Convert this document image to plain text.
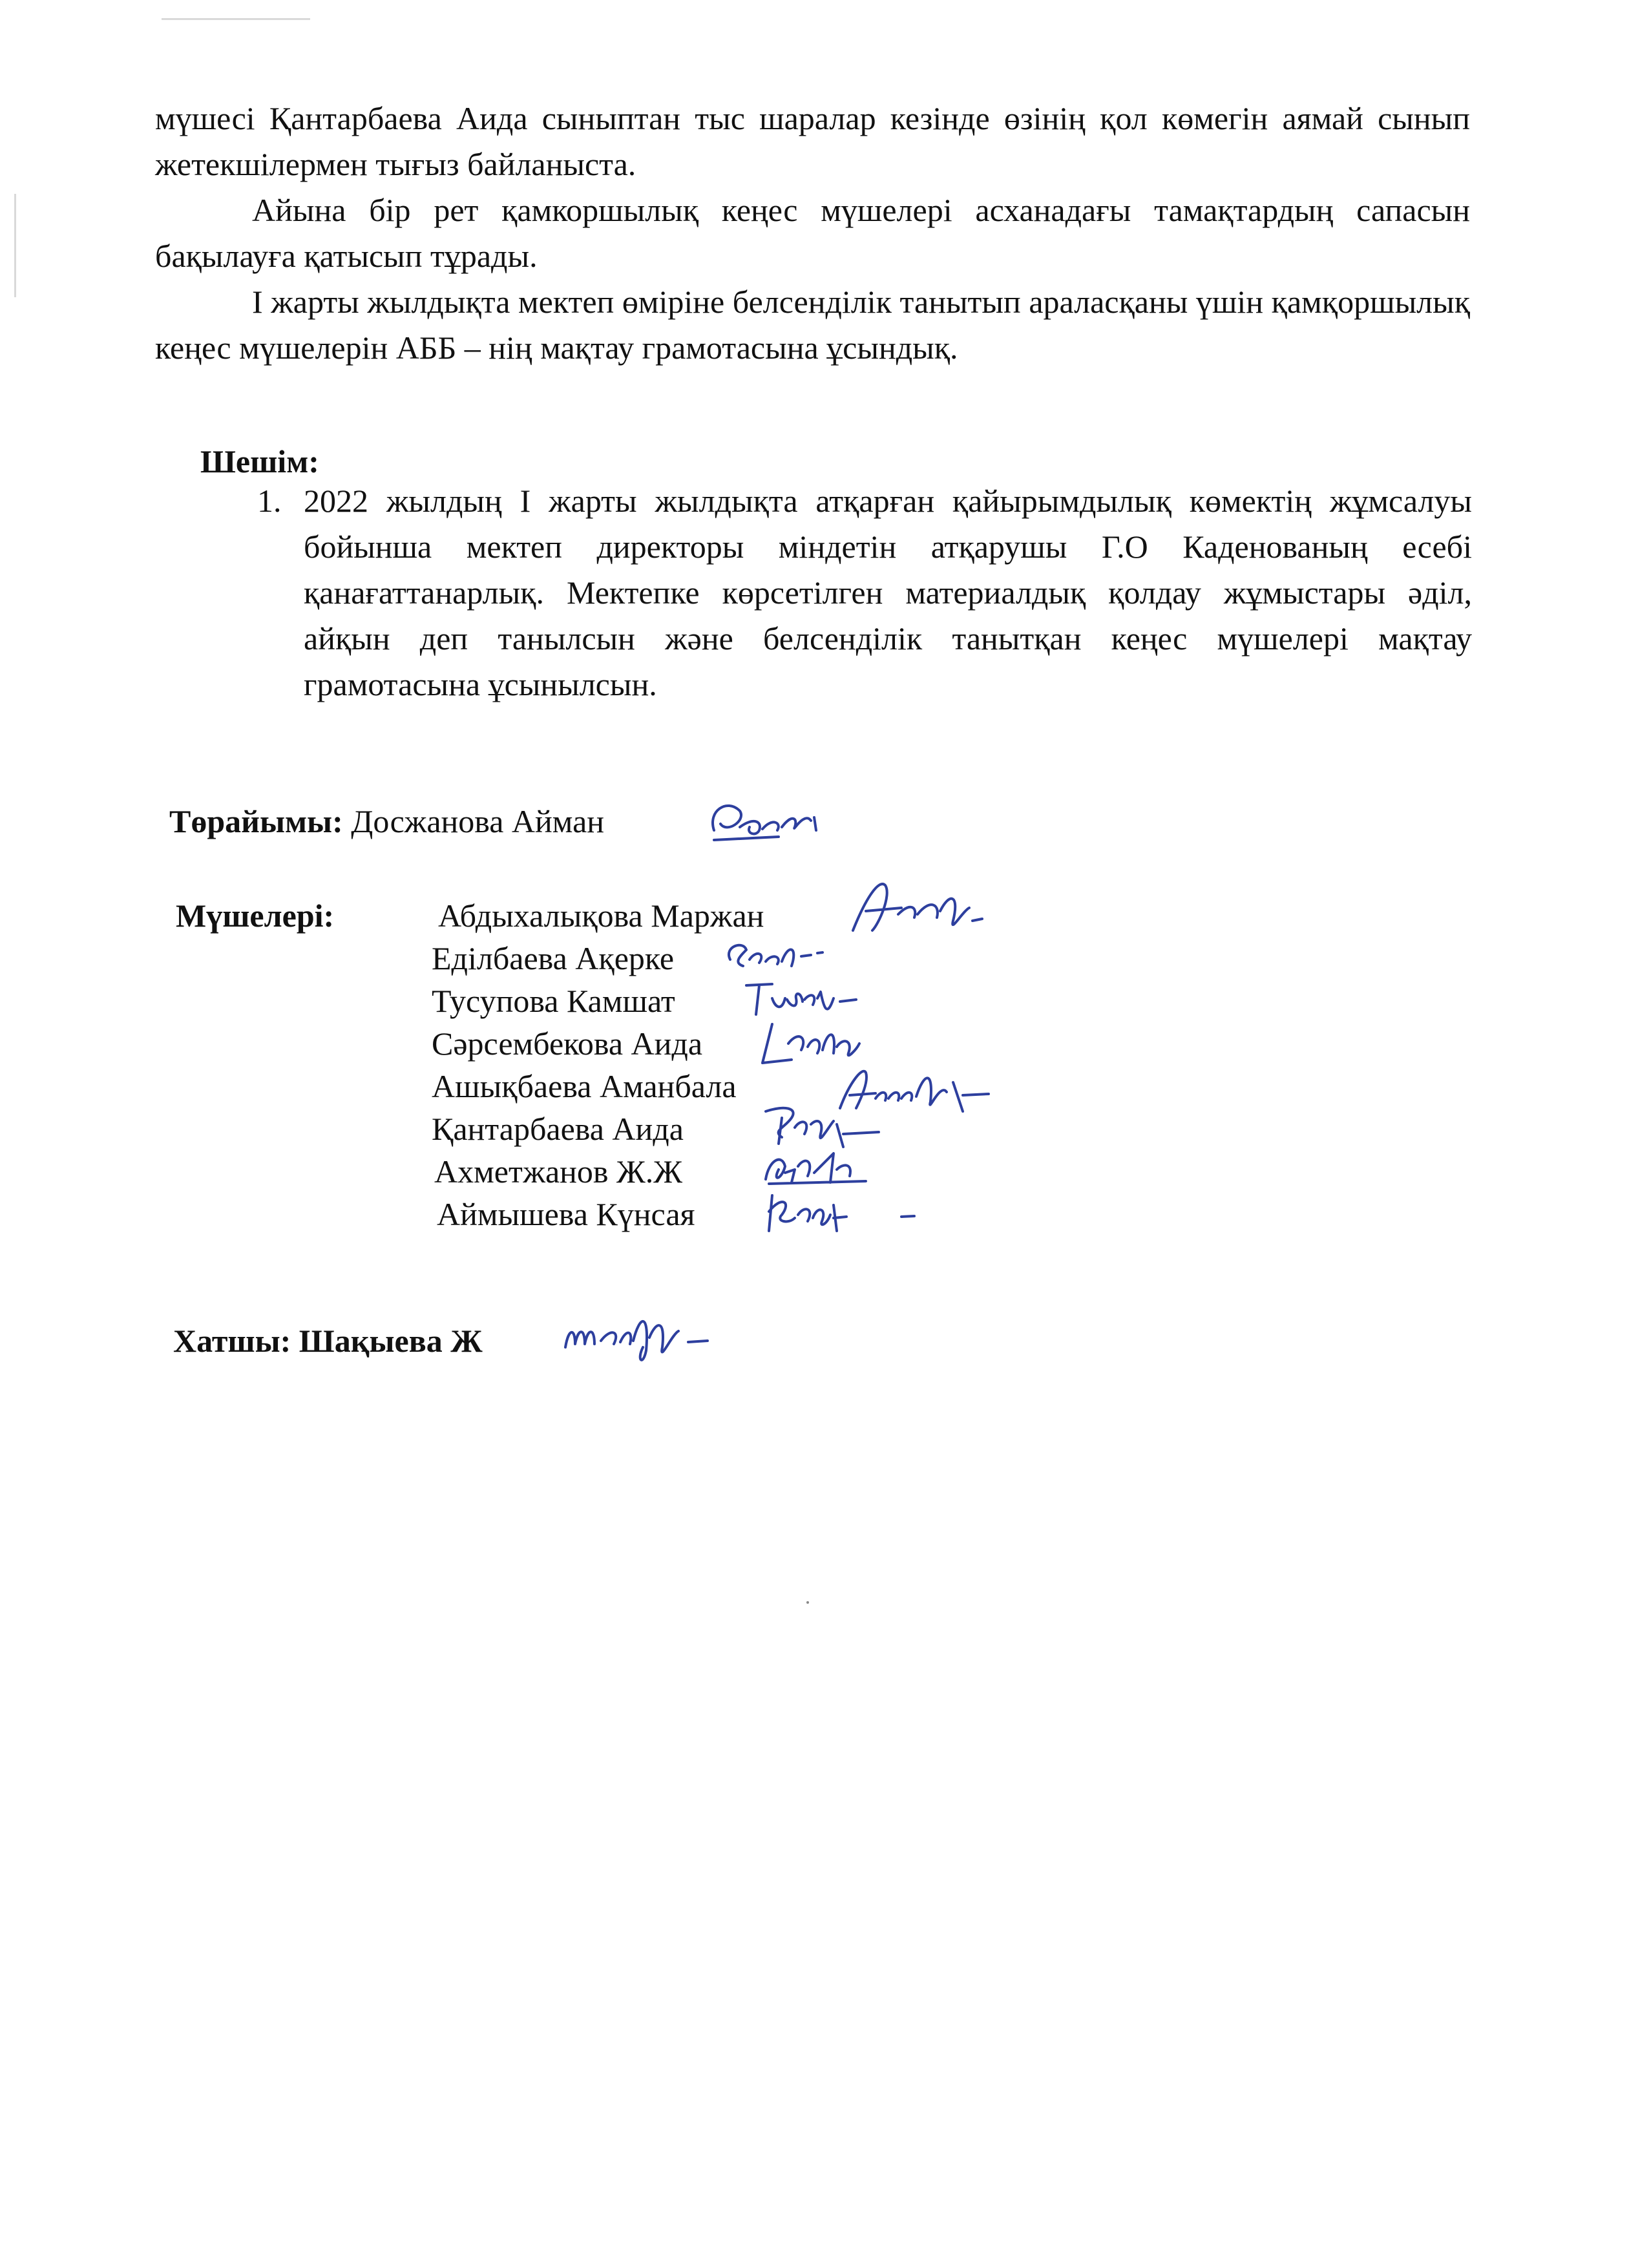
мүшесі Қантарбаева Аида сыныптан тыс шаралар кезінде өзінің қол көмегін аямай сынып жетекшілермен тығыз байланыста.

Айына бір рет қамкоршылық кеңес мүшелері асханадағы тамақтардың сапасын бақылауға қатысып тұрады.

І жарты жылдықта мектеп өміріне белсенділік танытып араласқаны үшін қамқоршылық кеңес мүшелерін АББ – нің мақтау грамотасына ұсындық.

Шешім:
1. 2022 жылдың І жарты жылдықта атқарған қайырымдылық көмектің жұмсалуы бойынша мектеп директоры міндетін атқарушы Г.О Каденованың есебі қанағаттанарлық. Мектепке көрсетілген материалдық қолдау жұмыстары әділ, айқын деп танылсын және белсенділік танытқан кеңес мүшелері мақтау грамотасына ұсынылсын.
Төрайымы: Досжанова Айман
Мүшелері:	Абдыхалықова Маржан
Еділбаева Ақерке
Тусупова Камшат
Сәрсембекова Аида
Ашықбаева Аманбала
Қантарбаева Аида
Ахметжанов Ж.Ж
Аймышева Күнсая
Хатшы: Шақыева Ж
